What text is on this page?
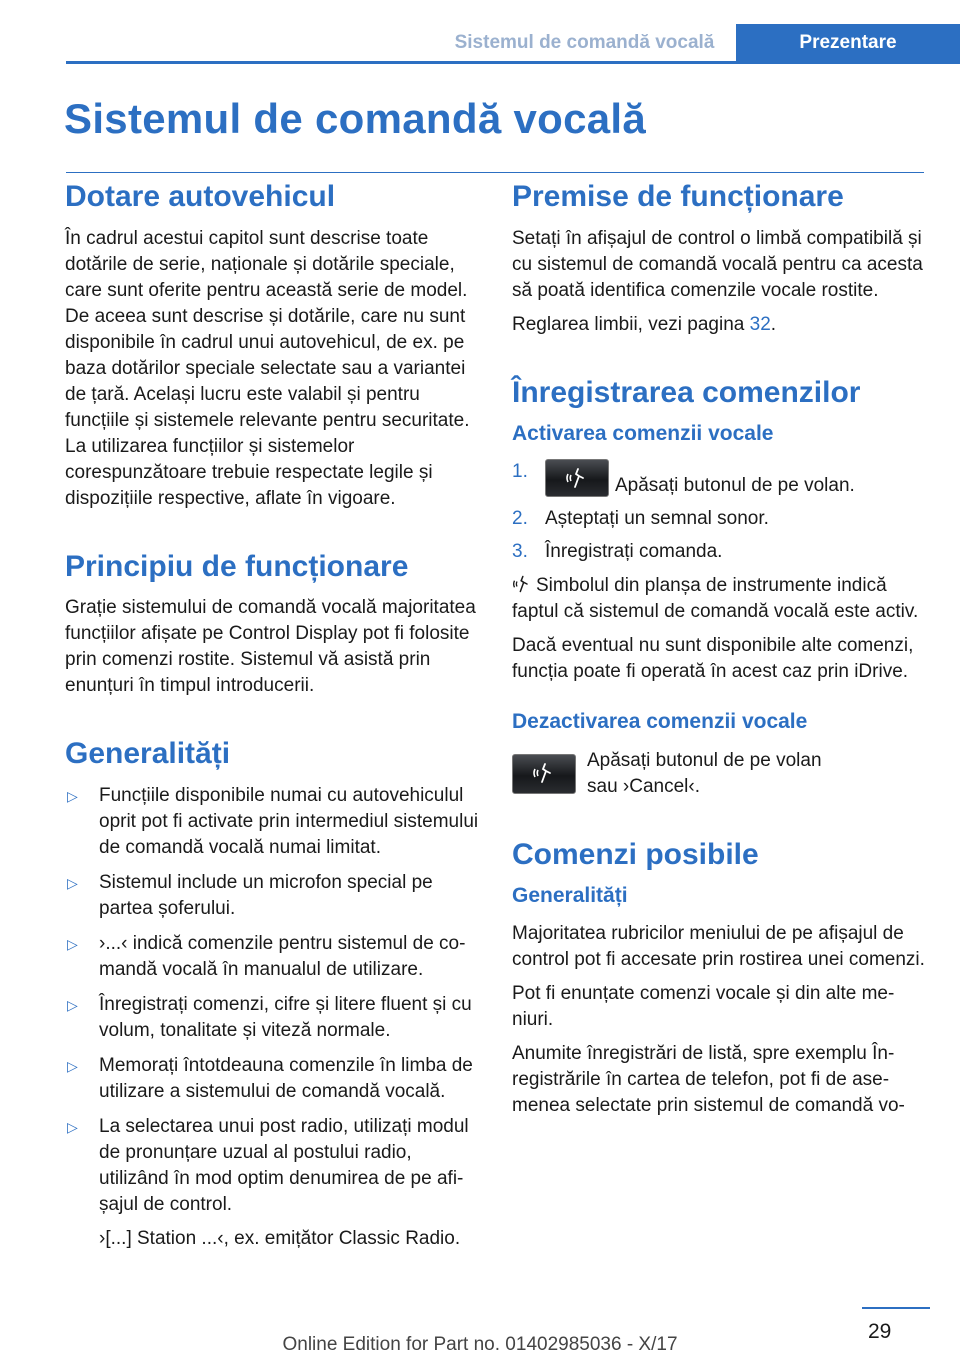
Sistemul de comandă vocală	Prezentare
Sistemul de comandă vocală
Dotare autovehicul

În cadrul acestui capitol sunt descrise toate dotările de serie, naționale și dotările speciale, care sunt oferite pentru această serie de model. De aceea sunt descrise și dotările, care nu sunt disponibile în cadrul unui autovehicul, de ex. pe baza dotărilor speciale selectate sau a variantei de țară. Același lucru este valabil și pentru funcțiile și sistemele relevante pentru securitate. La utilizarea funcțiilor și sistemelor corespunzătoare trebuie respectate legile și dispozițiile respective, aflate în vigoare.

Principiu de funcționare

Grație sistemului de comandă vocală majoritatea funcțiilor afișate pe Control Display pot fi folosite prin comenzi rostite. Sistemul vă asistă prin enunțuri în timpul introducerii.

Generalități
▷ Funcțiile disponibile numai cu autovehiculul oprit pot fi activate prin intermediul sistemului de comandă vocală numai limitat.
▷ Sistemul include un microfon special pe partea șoferului.
▷ ›...‹ indică comenzile pentru sistemul de comandă vocală în manualul de utilizare.
▷ Înregistrați comenzi, cifre și litere fluent și cu volum, tonalitate și viteză normale.
▷ Memorați întotdeauna comenzile în limba de utilizare a sistemului de comandă vocală.
▷ La selectarea unui post radio, utilizați modul de pronunțare uzual al postului radio, utilizând în mod optim denumirea de pe afișajul de control.
›[...] Station ...‹, ex. emițător Classic Radio.
Premise de funcționare

Setați în afișajul de control o limbă compatibilă și cu sistemul de comandă vocală pentru ca acesta să poată identifica comenzile vocale rostite.

Reglarea limbii, vezi pagina 32.

Înregistrarea comenzilor
Activarea comenzii vocale
1.
Apăsați butonul de pe volan.
2. Așteptați un semnal sonor.
3. Înregistrați comanda.

Simbolul din planșa de instrumente indică faptul că sistemul de comandă vocală este activ.

Dacă eventual nu sunt disponibile alte comenzi, funcția poate fi operată în acest caz prin iDrive.

Dezactivarea comenzii vocale

Apăsați butonul de pe volan
sau ›Cancel‹.

Comenzi posibile
Generalități

Majoritatea rubricilor meniului de pe afișajul de control pot fi accesate prin rostirea unei comenzi.

Pot fi enunțate comenzi vocale și din alte meniuri.

Anumite înregistrări de listă, spre exemplu Înregistrările în cartea de telefon, pot fi de asemenea selectate prin sistemul de comandă vo-

29
Online Edition for Part no. 01402985036 - X/17
